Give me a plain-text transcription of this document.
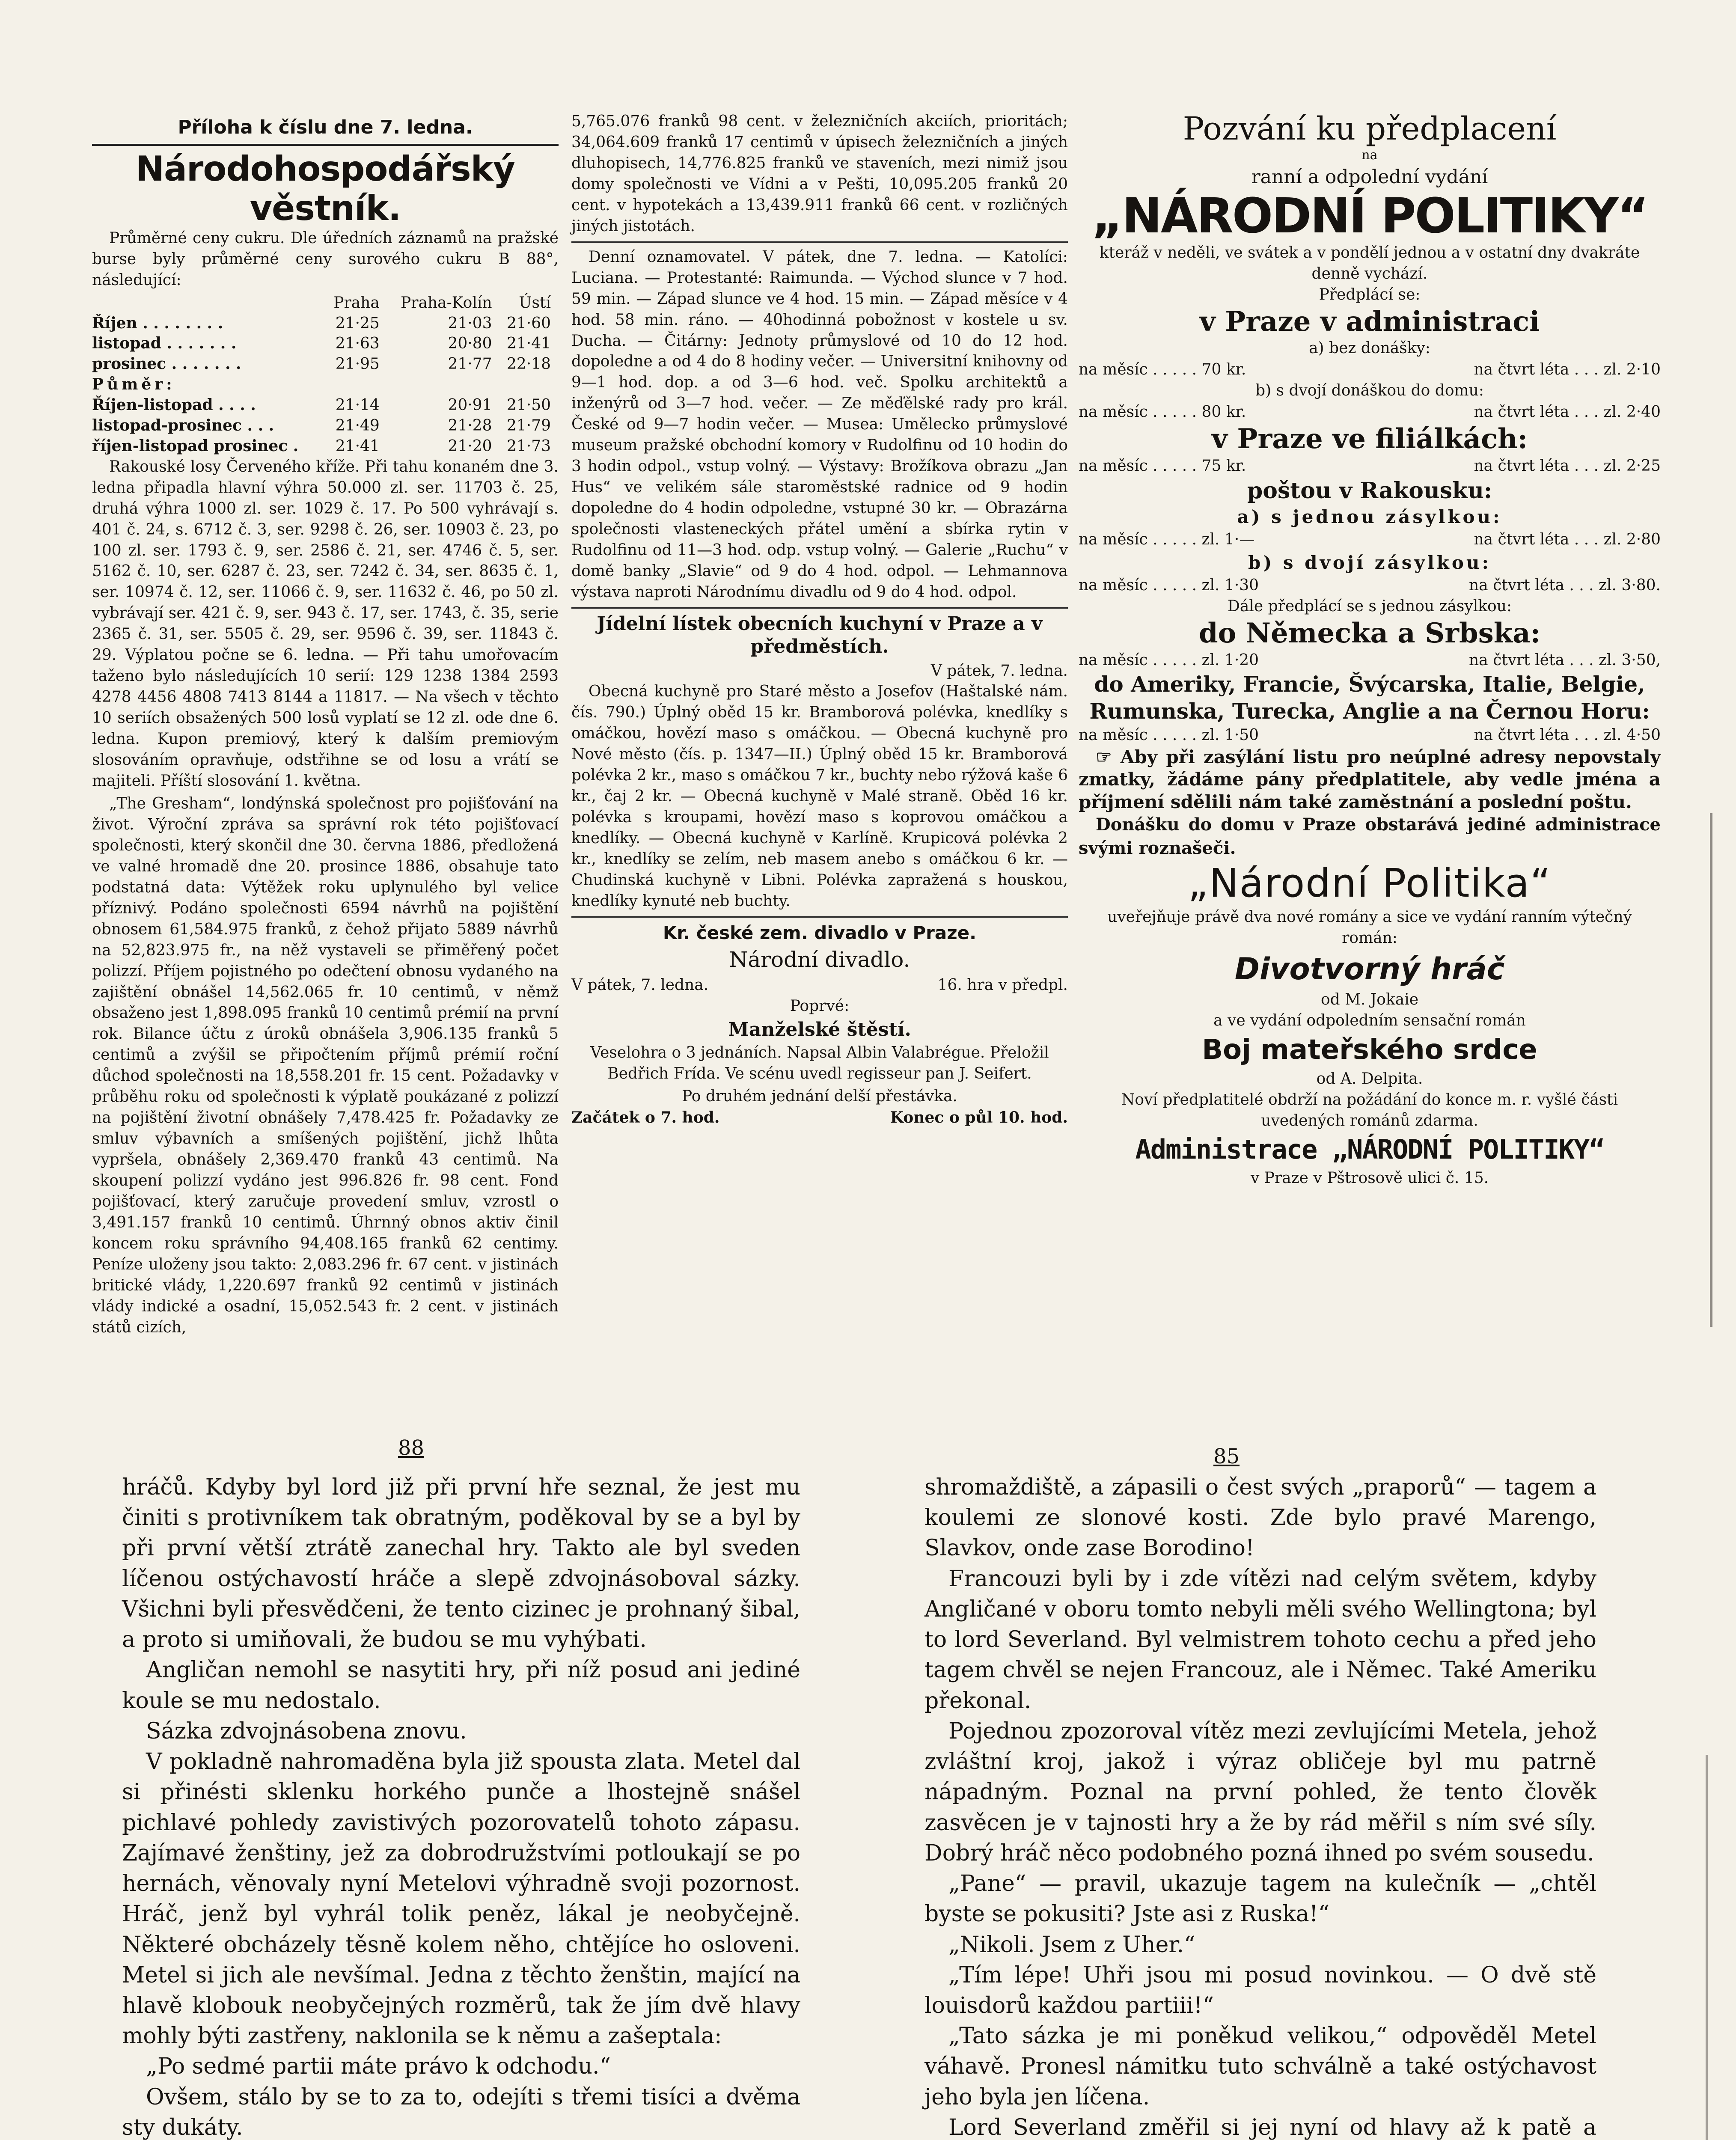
Příloha k číslu dne 7. ledna.
Národohospodářský věstník.

Průměrné ceny cukru. Dle úředních záznamů na pražské burse byly průměrné ceny surového cukru B 88°, následující:

	Praha	Praha-Kolín	Ústí
Říjen . . . . . . . .	21·25	21·03	21·60
listopad . . . . . . .	21·63	20·80	21·41
prosinec . . . . . . .	21·95	21·77	22·18
Půměr:			
Říjen-listopad . . . .	21·14	20·91	21·50
listopad-prosinec . . .	21·49	21·28	21·79
říjen-listopad prosinec .	21·41	21·20	21·73

Rakouské losy Červeného kříže. Při tahu konaném dne 3. ledna připadla hlavní výhra 50.000 zl. ser. 11703 č. 25, druhá výhra 1000 zl. ser. 1029 č. 17. Po 500 vyhrávají s. 401 č. 24, s. 6712 č. 3, ser. 9298 č. 26, ser. 10903 č. 23, po 100 zl. ser. 1793 č. 9, ser. 2586 č. 21, ser. 4746 č. 5, ser. 5162 č. 10, ser. 6287 č. 23, ser. 7242 č. 34, ser. 8635 č. 1, ser. 10974 č. 12, ser. 11066 č. 9, ser. 11632 č. 46, po 50 zl. vybrávají ser. 421 č. 9, ser. 943 č. 17, ser. 1743, č. 35, serie 2365 č. 31, ser. 5505 č. 29, ser. 9596 č. 39, ser. 11843 č. 29. Výplatou počne se 6. ledna. — Při tahu umořovacím taženo bylo následujících 10 serií: 129 1238 1384 2593 4278 4456 4808 7413 8144 a 11817. — Na všech v těchto 10 seriích obsažených 500 losů vyplatí se 12 zl. ode dne 6. ledna. Kupon premiový, který k dalším premiovým slosováním opravňuje, odstřihne se od losu a vrátí se majiteli. Příští slosování 1. května.

„The Gresham“, londýnská společnost pro pojišťování na život. Výroční zpráva sa správní rok této pojišťovací společnosti, který skončil dne 30. června 1886, předložená ve valné hromadě dne 20. prosince 1886, obsahuje tato podstatná data: Výtěžek roku uplynulého byl velice příznivý. Podáno společnosti 6594 návrhů na pojištění obnosem 61,584.975 franků, z čehož přijato 5889 návrhů na 52,823.975 fr., na něž vystaveli se přiměřený počet polizzí. Příjem pojistného po odečtení obnosu vydaného na zajištění obnášel 14,562.065 fr. 10 centimů, v němž obsaženo jest 1,898.095 franků 10 centimů prémií na první rok. Bilance účtu z úroků obnášela 3,906.135 franků 5 centimů a zvýšil se připočtením příjmů prémií roční důchod společnosti na 18,558.201 fr. 15 cent. Požadavky v průběhu roku od společnosti k výplatě poukázané z polizzí na pojištění životní obnášely 7,478.425 fr. Požadavky ze smluv výbavních a smíšených pojištění, jichž lhůta vypršela, obnášely 2,369.470 franků 43 centimů. Na skoupení polizzí vydáno jest 996.826 fr. 98 cent. Fond pojišťovací, který zaručuje provedení smluv, vzrostl o 3,491.157 franků 10 centimů. Úhrnný obnos aktiv činil koncem roku správního 94,408.165 franků 62 centimy. Peníze uloženy jsou takto: 2,083.296 fr. 67 cent. v jistinách britické vlády, 1,220.697 franků 92 centimů v jistinách vlády indické a osadní, 15,052.543 fr. 2 cent. v jistinách států cizích,

5,765.076 franků 98 cent. v železničních akciích, prioritách; 34,064.609 franků 17 centimů v úpisech železničních a jiných dluhopisech, 14,776.825 franků ve staveních, mezi nimiž jsou domy společnosti ve Vídni a v Pešti, 10,095.205 franků 20 cent. v hypotekách a 13,439.911 franků 66 cent. v rozličných jiných jistotách.

Denní oznamovatel. V pátek, dne 7. ledna. — Katolíci: Luciana. — Protestanté: Raimunda. — Východ slunce v 7 hod. 59 min. — Západ slunce ve 4 hod. 15 min. — Západ měsíce v 4 hod. 58 min. ráno. — 40hodinná pobožnost v kostele u sv. Ducha. — Čitárny: Jednoty průmyslové od 10 do 12 hod. dopoledne a od 4 do 8 hodiny večer. — Universitní knihovny od 9—1 hod. dop. a od 3—6 hod. več. Spolku architektů a inženýrů od 3—7 hod. večer. — Ze měďělské rady pro král. České od 9—7 hodin večer. — Musea: Umělecko průmyslové museum pražské obchodní komory v Rudolfinu od 10 hodin do 3 hodin odpol., vstup volný. — Výstavy: Brožíkova obrazu „Jan Hus“ ve velikém sále staroměstské radnice od 9 hodin dopoledne do 4 hodin odpoledne, vstupné 30 kr. — Obrazárna společnosti vlasteneckých přátel umění a sbírka rytin v Rudolfinu od 11—3 hod. odp. vstup volný. — Galerie „Ruchu“ v domě banky „Slavie“ od 9 do 4 hod. odpol. — Lehmannova výstava naproti Národnímu divadlu od 9 do 4 hod. odpol.

Jídelní lístek obecních kuchyní v Praze a v předměstích.
V pátek, 7. ledna.

Obecná kuchyně pro Staré město a Josefov (Haštalské nám. čís. 790.) Úplný oběd 15 kr. Bramborová polévka, knedlíky s omáčkou, hovězí maso s omáčkou. — Obecná kuchyně pro Nové město (čís. p. 1347—II.) Úplný oběd 15 kr. Bramborová polévka 2 kr., maso s omáčkou 7 kr., buchty nebo rýžová kaše 6 kr., čaj 2 kr. — Obecná kuchyně v Malé straně. Oběd 16 kr. polévka s kroupami, hovězí maso s koprovou omáčkou a knedlíky. — Obecná kuchyně v Karlíně. Krupicová polévka 2 kr., knedlíky se zelím, neb masem anebo s omáčkou 6 kr. — Chudinská kuchyně v Libni. Polévka zapražená s houskou, knedlíky kynuté neb buchty.

Kr. české zem. divadlo v Praze.
Národní divadlo.
V pátek, 7. ledna.	16. hra v předpl.
Poprvé:
Manželské štěstí.

Veselohra o 3 jednáních. Napsal Albin Valabrégue. Přeložil Bedřich Frída. Ve scénu uvedl regisseur pan J. Seifert.

Po druhém jednání delší přestávka.
Začátek o 7. hod.	Konec o půl 10. hod.
Pozvání ku předplacení
na
ranní a odpolední vydání
„NÁRODNÍ POLITIKY“
kteráž v neděli, ve svátek a v pondělí jednou a v ostatní dny dvakráte denně vychází.
Předplácí se:
v Praze v administraci
a) bez donášky:
na měsíc . . . . . 70 kr.	na čtvrt léta . . . zl. 2·10
b) s dvojí donáškou do domu:
na měsíc . . . . . 80 kr.	na čtvrt léta . . . zl. 2·40
v Praze ve filiálkách:
na měsíc . . . . . 75 kr.	na čtvrt léta . . . zl. 2·25
poštou v Rakousku:
a) s jednou zásylkou:
na měsíc . . . . . zl. 1·—	na čtvrt léta . . . zl. 2·80
b) s dvojí zásylkou:
na měsíc . . . . . zl. 1·30	na čtvrt léta . . . zl. 3·80.
Dále předplácí se s jednou zásylkou:
do Německa a Srbska:
na měsíc . . . . . zl. 1·20	na čtvrt léta . . . zl. 3·50,
do Ameriky, Francie, Švýcarska, Italie, Belgie, Rumunska, Turecka, Anglie a na Černou Horu:
na měsíc . . . . . zl. 1·50	na čtvrt léta . . . zl. 4·50

☞ Aby při zasýlání listu pro neúplné adresy nepovstaly zmatky, žádáme pány předplatitele, aby vedle jména a příjmení sdělili nám také zaměstnání a poslední poštu.

Donášku do domu v Praze obstarává jediné administrace svými roznašeči.

„Národní Politika“
uveřejňuje právě dva nové romány a sice ve vydání ranním výtečný román:
Divotvorný hráč
od M. Jokaie
a ve vydání odpoledním sensační román
Boj mateřského srdce
od A. Delpita.
Noví předplatitelé obdrží na požádání do konce m. r. vyšlé části uvedených románů zdarma.
Administrace „NÁRODNÍ POLITIKY“
v Praze v Pštrosově ulici č. 15.
88	85

hráčů. Kdyby byl lord již při první hře seznal, že jest mu činiti s protivníkem tak obratným, poděkoval by se a byl by při první větší ztrátě zanechal hry. Takto ale byl sveden líčenou ostýchavostí hráče a slepě zdvojnásoboval sázky. Všichni byli přesvědčeni, že tento cizinec je prohnaný šibal, a proto si umiňovali, že budou se mu vyhýbati.

Angličan nemohl se nasytiti hry, při níž posud ani jediné koule se mu nedostalo.

Sázka zdvojnásobena znovu.

V pokladně nahromaděna byla již spousta zlata. Metel dal si přinésti sklenku horkého punče a lhostejně snášel pichlavé pohledy zavistivých pozorovatelů tohoto zápasu. Zajímavé ženštiny, jež za dobrodružstvími potloukají se po hernách, věnovaly nyní Metelovi výhradně svoji pozornost. Hráč, jenž byl vyhrál tolik peněz, lákal je neobyčejně. Některé obcházely těsně kolem něho, chtějíce ho osloveni. Metel si jich ale nevšímal. Jedna z těchto ženštin, mající na hlavě klobouk neobyčejných rozměrů, tak že jím dvě hlavy mohly býti zastřeny, naklonila se k němu a zašeptala:

„Po sedmé partii máte právo k odchodu.“

Ovšem, stálo by se to za to, odejíti s třemi tisíci a dvěma sty dukáty.

shromaždiště, a zápasili o čest svých „praporů“ — tagem a koulemi ze slonové kosti. Zde bylo pravé Marengo, Slavkov, onde zase Borodino!

Francouzi byli by i zde vítězi nad celým světem, kdyby Angličané v oboru tomto nebyli měli svého Wellingtona; byl to lord Severland. Byl velmistrem tohoto cechu a před jeho tagem chvěl se nejen Francouz, ale i Němec. Také Ameriku překonal.

Pojednou zpozoroval vítěz mezi zevlujícími Metela, jehož zvláštní kroj, jakož i výraz obličeje byl mu patrně nápadným. Poznal na první pohled, že tento člověk zasvěcen je v tajnosti hry a že by rád měřil s ním své síly. Dobrý hráč něco podobného pozná ihned po svém sousedu.

„Pane“ — pravil, ukazuje tagem na kulečník — „chtěl byste se pokusiti? Jste asi z Ruska!“

„Nikoli. Jsem z Uher.“

„Tím lépe! Uhři jsou mi posud novinkou. — O dvě stě louisdorů každou partiii!“

„Tato sázka je mi poněkud velikou,“ odpověděl Metel váhavě. Pronesl námitku tuto schválně a také ostýchavost jeho byla jen líčena.

Lord Severland změřil si jej nyní od hlavy až k patě a
